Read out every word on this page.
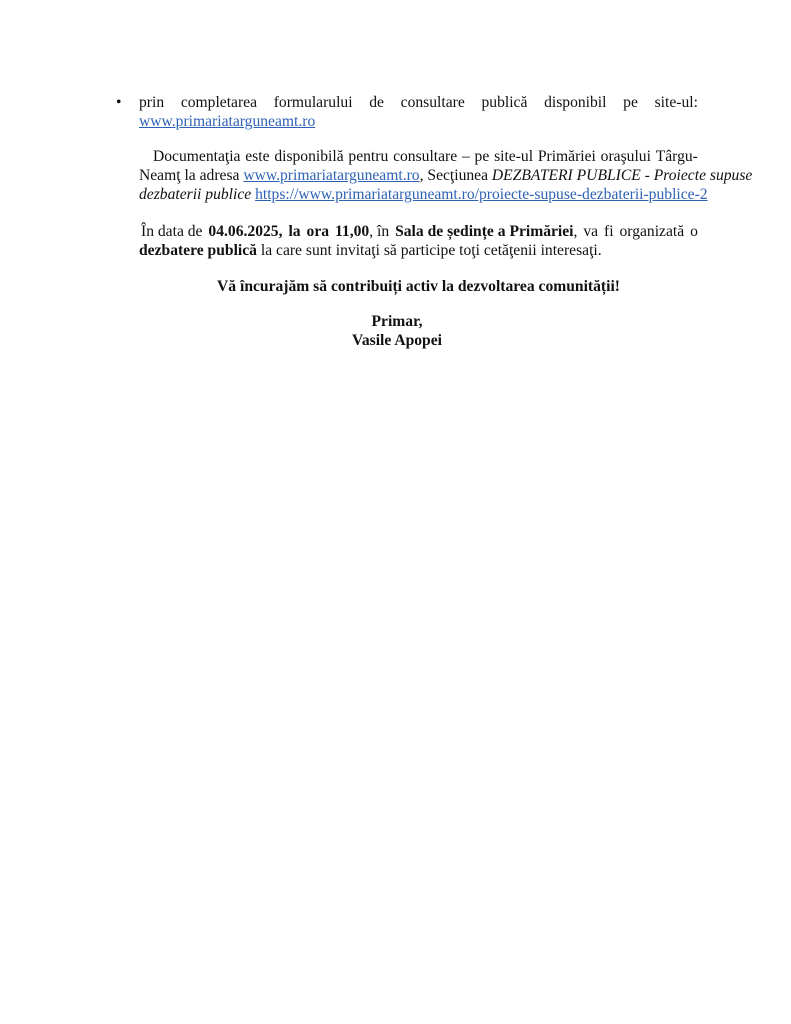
•	prin completarea formularului de consultare publică disponibil pe site-ul:
www.primariatarguneamt.ro
Documentaţia este disponibilă pentru consultare – pe site-ul Primăriei oraşului Târgu-
Neamţ la adresa www.primariatarguneamt.ro, Secţiunea DEZBATERI PUBLICE - Proiecte supuse
dezbaterii publice https://www.primariatarguneamt.ro/proiecte-supuse-dezbaterii-publice-2
În data de 04.06.2025, la ora 11,00, în Sala de ședințe a Primăriei, va fi organizată o
dezbatere publică la care sunt invitaţi să participe toţi cetăţenii interesaţi.
Vă încurajăm să contribuiți activ la dezvoltarea comunității!
Primar,
Vasile Apopei
